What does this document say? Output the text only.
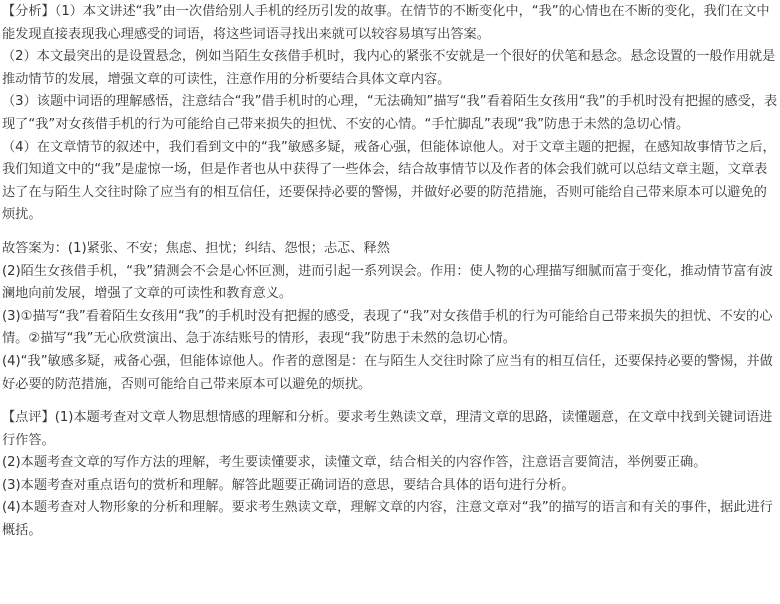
【分析】（1）本文讲述“我”由一次借给别人手机的经历引发的故事。在情节的不断变化中，“我”的心情也在不断的变化，我们在文中能发现直接表现我心理感受的词语，将这些词语寻找出来就可以较容易填写出答案。

（2）本文最突出的是设置悬念，例如当陌生女孩借手机时，我内心的紧张不安就是一个很好的伏笔和悬念。悬念设置的一般作用就是推动情节的发展，增强文章的可读性，注意作用的分析要结合具体文章内容。

（3）该题中词语的理解感悟，注意结合“我”借手机时的心理，“无法确知”描写“我”看着陌生女孩用“我”的手机时没有把握的感受，表现了“我”对女孩借手机的行为可能给自己带来损失的担忧、不安的心情。“手忙脚乱”表现“我”防患于未然的急切心情。

（4）在文章情节的叙述中，我们看到文中的“我”敏感多疑，戒备心强，但能体谅他人。对于文章主题的把握，在感知故事情节之后，我们知道文中的“我”是虚惊一场，但是作者也从中获得了一些体会，结合故事情节以及作者的体会我们就可以总结文章主题，文章表达了在与陌生人交往时除了应当有的相互信任，还要保持必要的警惕，并做好必要的防范措施，否则可能给自己带来原本可以避免的烦扰。

故答案为：(1)紧张、不安；焦虑、担忧；纠结、怨恨；忐忑、释然

(2)陌生女孩借手机，“我”猜测会不会是心怀叵测，进而引起一系列误会。作用：使人物的心理描写细腻而富于变化，推动情节富有波澜地向前发展，增强了文章的可读性和教育意义。

(3)①描写“我”看着陌生女孩用“我”的手机时没有把握的感受，表现了“我”对女孩借手机的行为可能给自己带来损失的担忧、不安的心情。②描写“我”无心欣赏演出、急于冻结账号的情形，表现“我”防患于未然的急切心情。

(4)“我”敏感多疑，戒备心强，但能体谅他人。作者的意图是：在与陌生人交往时除了应当有的相互信任，还要保持必要的警惕，并做好必要的防范措施，否则可能给自己带来原本可以避免的烦扰。

【点评】(1)本题考查对文章人物思想情感的理解和分析。要求考生熟读文章，理清文章的思路，读懂题意，在文章中找到关键词语进行作答。

(2)本题考查文章的写作方法的理解，考生要读懂要求，读懂文章，结合相关的内容作答，注意语言要简洁，举例要正确。

(3)本题考查对重点语句的赏析和理解。解答此题要正确词语的意思，要结合具体的语句进行分析。

(4)本题考查对人物形象的分析和理解。要求考生熟读文章，理解文章的内容，注意文章对“我”的描写的语言和有关的事件，据此进行概括。
